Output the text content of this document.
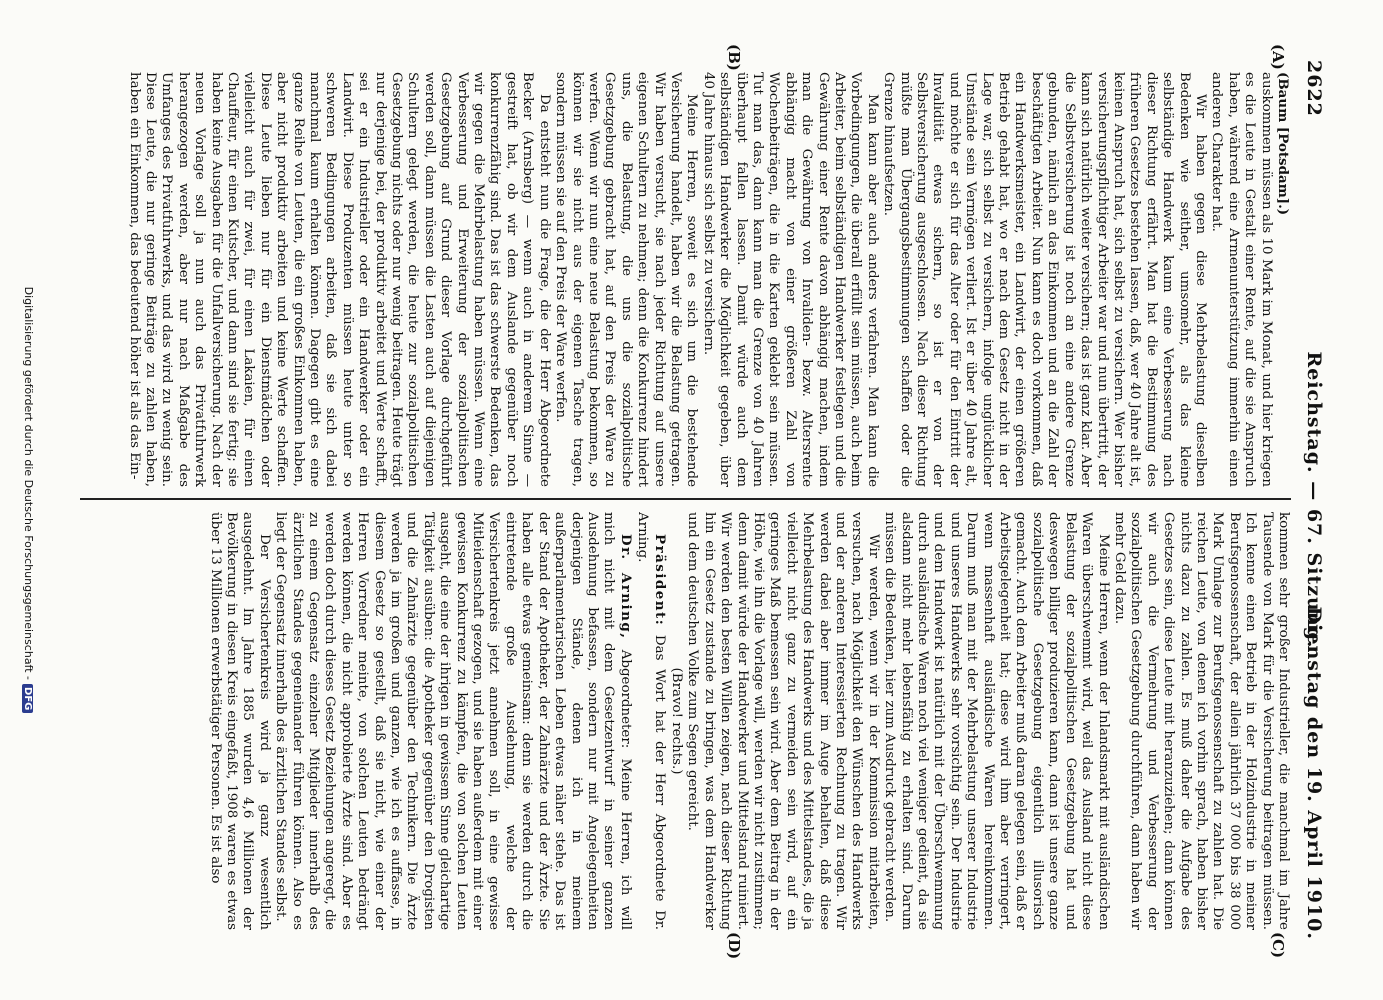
2622
Reichstag. — 67. Sitzung.
Dienstag den 19. April 1910.
(A)
(B)
(C)
(D)

(Baum [Potsdam].)

auskommen müssen als 10 Mark im Monat, und hier kriegen es die Leute in Gestalt einer Rente, auf die sie Anspruch haben, während eine Armenunterstützung immerhin einen anderen Charakter hat.

Wir haben gegen diese Mehrbelastung dieselben Bedenken wie seither, umsomehr, als das kleine selbständige Handwerk kaum eine Verbesserung nach dieser Richtung erfährt. Man hat die Bestimmung des früheren Gesetzes bestehen lassen, daß, wer 40 Jahre alt ist, keinen Anspruch hat, sich selbst zu versichern. Wer bisher versicherungspflichtiger Arbeiter war und nun übertritt, der kann sich natürlich weiter versichern; das ist ganz klar. Aber die Selbstversicherung ist noch an eine andere Grenze gebunden, nämlich an das Einkommen und an die Zahl der beschäftigten Arbeiter. Nun kann es doch vorkommen, daß ein Handwerksmeister, ein Landwirt, der einen größeren Betrieb gehabt hat, wo er nach dem Gesetz nicht in der Lage war, sich selbst zu versichern, infolge unglücklicher Umstände sein Vermögen verliert. Ist er über 40 Jahre alt, und möchte er sich für das Alter oder für den Eintritt der Invalidität etwas sichern, so ist er von der Selbstversicherung ausgeschlossen. Nach dieser Richtung müßte man Übergangsbestimmungen schaffen oder die Grenze hinaufsetzen.

Man kann aber auch anders verfahren. Man kann die Vorbedingungen, die überall erfüllt sein müssen, auch beim Arbeiter, beim selbständigen Handwerker festlegen und die Gewährung einer Rente davon abhängig machen, indem man die Gewährung von Invaliden- bezw. Altersrente abhängig macht von einer größeren Zahl von Wochenbeiträgen, die in die Karten geklebt sein müssen. Tut man das, dann kann man die Grenze von 40 Jahren überhaupt fallen lassen. Damit würde auch dem selbständigen Handwerker die Möglichkeit gegeben, über 40 Jahre hinaus sich selbst zu versichern.

Meine Herren, soweit es sich um die bestehende Versicherung handelt, haben wir die Belastung getragen. Wir haben versucht, sie nach jeder Richtung auf unsere eigenen Schultern zu nehmen; denn die Konkurrenz hindert uns, die Belastung, die uns die sozialpolitische Gesetzgebung gebracht hat, auf den Preis der Ware zu werfen. Wenn wir nun eine neue Belastung bekommen, so können wir sie nicht aus der eigenen Tasche tragen, sondern müssen sie auf den Preis der Ware werfen.

Da entsteht nun die Frage, die der Herr Abgeordnete Becker (Arnsberg) — wenn auch in anderem Sinne — gestreift hat, ob wir dem Auslande gegenüber noch konkurrenzfähig sind. Das ist das schwerste Bedenken, das wir gegen die Mehrbelastung haben müssen. Wenn eine Verbesserung und Erweiterung der sozialpolitischen Gesetzgebung auf Grund dieser Vorlage durchgeführt werden soll, dann müssen die Lasten auch auf diejenigen Schultern gelegt werden, die heute zur sozialpolitischen Gesetzgebung nichts oder nur wenig beitragen. Heute trägt nur derjenige bei, der produktiv arbeitet und Werte schafft, sei er ein Industrieller oder ein Handwerker oder ein Landwirt. Diese Produzenten müssen heute unter so schweren Bedingungen arbeiten, daß sie sich dabei manchmal kaum erhalten können. Dagegen gibt es eine ganze Reihe von Leuten, die ein großes Einkommen haben, aber nicht produktiv arbeiten und keine Werte schaffen. Diese Leute lieben nur für ein Dienstmädchen oder vielleicht auch für zwei, für einen Lakaien, für einen Chauffeur, für einen Kutscher, und dann sind sie fertig; sie haben keine Ausgaben für die Unfallversicherung. Nach der neuen Vorlage soll ja nun auch das Privatfuhrwerk herangezogen werden, aber nur nach Maßgabe des Umfanges des Privatfuhrwerks, und das wird zu wenig sein. Diese Leute, die nur geringe Beiträge zu zahlen haben, haben ein Einkommen, das bedeutend höher ist als das Ein-

kommen sehr großer Industrieller, die manchmal im Jahre Tausende von Mark für die Versicherung beitragen müssen. Ich kenne einen Betrieb in der Holzindustrie in meiner Berufsgenossenschaft, der allein jährlich 37 000 bis 38 000 Mark Umlage zur Berufsgenossenschaft zu zahlen hat. Die reichen Leute, von denen ich vorhin sprach, haben bisher nichts dazu zu zahlen. Es muß daher die Aufgabe des Gesetzes sein, diese Leute mit heranzuziehen; dann können wir auch die Vermehrung und Verbesserung der sozialpolitischen Gesetzgebung durchführen, dann haben wir mehr Geld dazu.

Meine Herren, wenn der Inlandsmarkt mit ausländischen Waren überschwemmt wird, weil das Ausland nicht diese Belastung der sozialpolitischen Gesetzgebung hat und deswegen billiger produzieren kann, dann ist unsere ganze sozialpolitische Gesetzgebung eigentlich illusorisch gemacht. Auch dem Arbeiter muß daran gelegen sein, daß er Arbeitsgelegenheit hat; diese wird ihm aber verringert, wenn massenhaft ausländische Waren hereinkommen. Darum muß man mit der Mehrbelastung unserer Industrie und unseres Handwerks sehr vorsichtig sein. Der Industrie und dem Handwerk ist natürlich mit der Überschwemmung durch ausländische Waren noch viel weniger gedient, da sie alsdann nicht mehr lebensfähig zu erhalten sind. Darum müssen die Bedenken, hier zum Ausdruck gebracht werden.

Wir werden, wenn wir in der Kommission mitarbeiten, versuchen, nach Möglichkeit den Wünschen des Handwerks und der anderen Interessierten Rechnung zu tragen. Wir werden dabei aber immer im Auge behalten, daß diese Mehrbelastung des Handwerks und des Mittelstandes, die ja vielleicht nicht ganz zu vermeiden sein wird, auf ein geringes Maß bemessen sein wird. Aber dem Beitrag in der Höhe, wie ihn die Vorlage will, werden wir nicht zustimmen; denn damit würde der Handwerker und Mittelstand ruiniert. Wir werden den besten Willen zeigen, nach dieser Richtung hin ein Gesetz zustande zu bringen, was dem Handwerker und dem deutschen Volke zum Segen gereicht.

(Bravo! rechts.)

Präsident: Das Wort hat der Herr Abgeordnete Dr. Arning.

Dr. Arning, Abgeordneter: Meine Herren, ich will mich nicht mit dem Gesetzentwurf in seiner ganzen Ausdehnung befassen, sondern nur mit Angelegenheiten derjenigen Stände, denen ich in meinem außerparlamentarischen Leben etwas näher stehe. Das ist der Stand der Apotheker, der Zahnärzte und der Ärzte. Sie haben alle etwas gemeinsam: denn sie werden durch die eintretende große Ausdehnung, welche der Versichertenkreis jetzt annehmen soll, in eine gewisse Mitleidenschaft gezogen, und sie haben außerdem mit einer gewissen Konkurrenz zu kämpfen, die von solchen Leuten ausgeht, die eine der ihrigen in gewissem Sinne gleichartige Tätigkeit ausüben: die Apotheker gegenüber den Drogisten und die Zahnärzte gegenüber den Technikern. Die Ärzte werden ja im großen und ganzen, wie ich es auffasse, in diesem Gesetz so gestellt, daß sie nicht, wie einer der Herren Vorredner meinte, von solchen Leuten bedrängt werden können, die nicht approbierte Ärzte sind. Aber es werden doch durch dieses Gesetz Beziehungen angeregt, die zu einem Gegensatz einzelner Mitglieder innerhalb des ärztlichen Standes gegeneinander führen können. Also es liegt der Gegensatz innerhalb des ärztlichen Standes selbst.

Der Versichertenkreis wird ja ganz wesentlich ausgedehnt. Im Jahre 1885 wurden 4,6 Millionen der Bevölkerung in diesen Kreis eingefaßt, 1908 waren es etwas über 13 Millionen erwerbstätiger Personen. Es ist also

Digitalisierung gefördert durch die Deutsche Forschungsgemeinschaft -DFG
